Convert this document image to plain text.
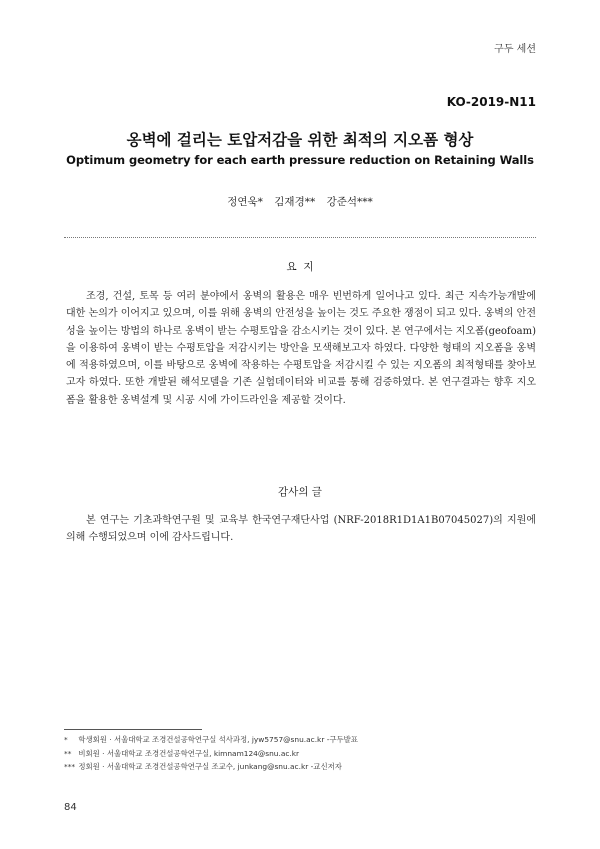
구두 세션
KO-2019-N11
옹벽에 걸리는 토압저감을 위한 최적의 지오폼 형상
Optimum geometry for each earth pressure reduction on Retaining Walls
정연욱* 김재경** 강준석***
요  지
조경, 건설, 토목 등 여러 분야에서 옹벽의 활용은 매우 빈번하게 일어나고 있다. 최근 지속가능개발에 대한 논의가 이어지고 있으며, 이를 위해 옹벽의 안전성을 높이는 것도 주요한 쟁점이 되고 있다. 옹벽의 안전성을 높이는 방법의 하나로 옹벽이 받는 수평토압을 감소시키는 것이 있다. 본 연구에서는 지오폼(geofoam)을 이용하여 옹벽이 받는 수평토압을 저감시키는 방안을 모색해보고자 하였다. 다양한 형태의 지오폼을 옹벽에 적용하였으며, 이를 바탕으로 옹벽에 작용하는 수평토압을 저감시킬 수 있는 지오폼의 최적형태를 찾아보고자 하였다. 또한 개발된 해석모델을 기존 실험데이터와 비교를 통해 검증하였다. 본 연구결과는 향후 지오폼을 활용한 옹벽설계 및 시공 시에 가이드라인을 제공할 것이다.
감사의 글
본 연구는 기초과학연구원 및 교육부 한국연구재단사업 (NRF-2018R1D1A1B07045027)의 지원에 의해 수행되었으며 이에 감사드립니다.
* 학생회원 · 서울대학교 조경건설공학연구실 석사과정, jyw5757@snu.ac.kr -구두발표
** 비회원 · 서울대학교 조경건설공학연구실, kimnam124@snu.ac.kr
*** 정회원 · 서울대학교 조경건설공학연구실 조교수, junkang@snu.ac.kr -교신저자
84
